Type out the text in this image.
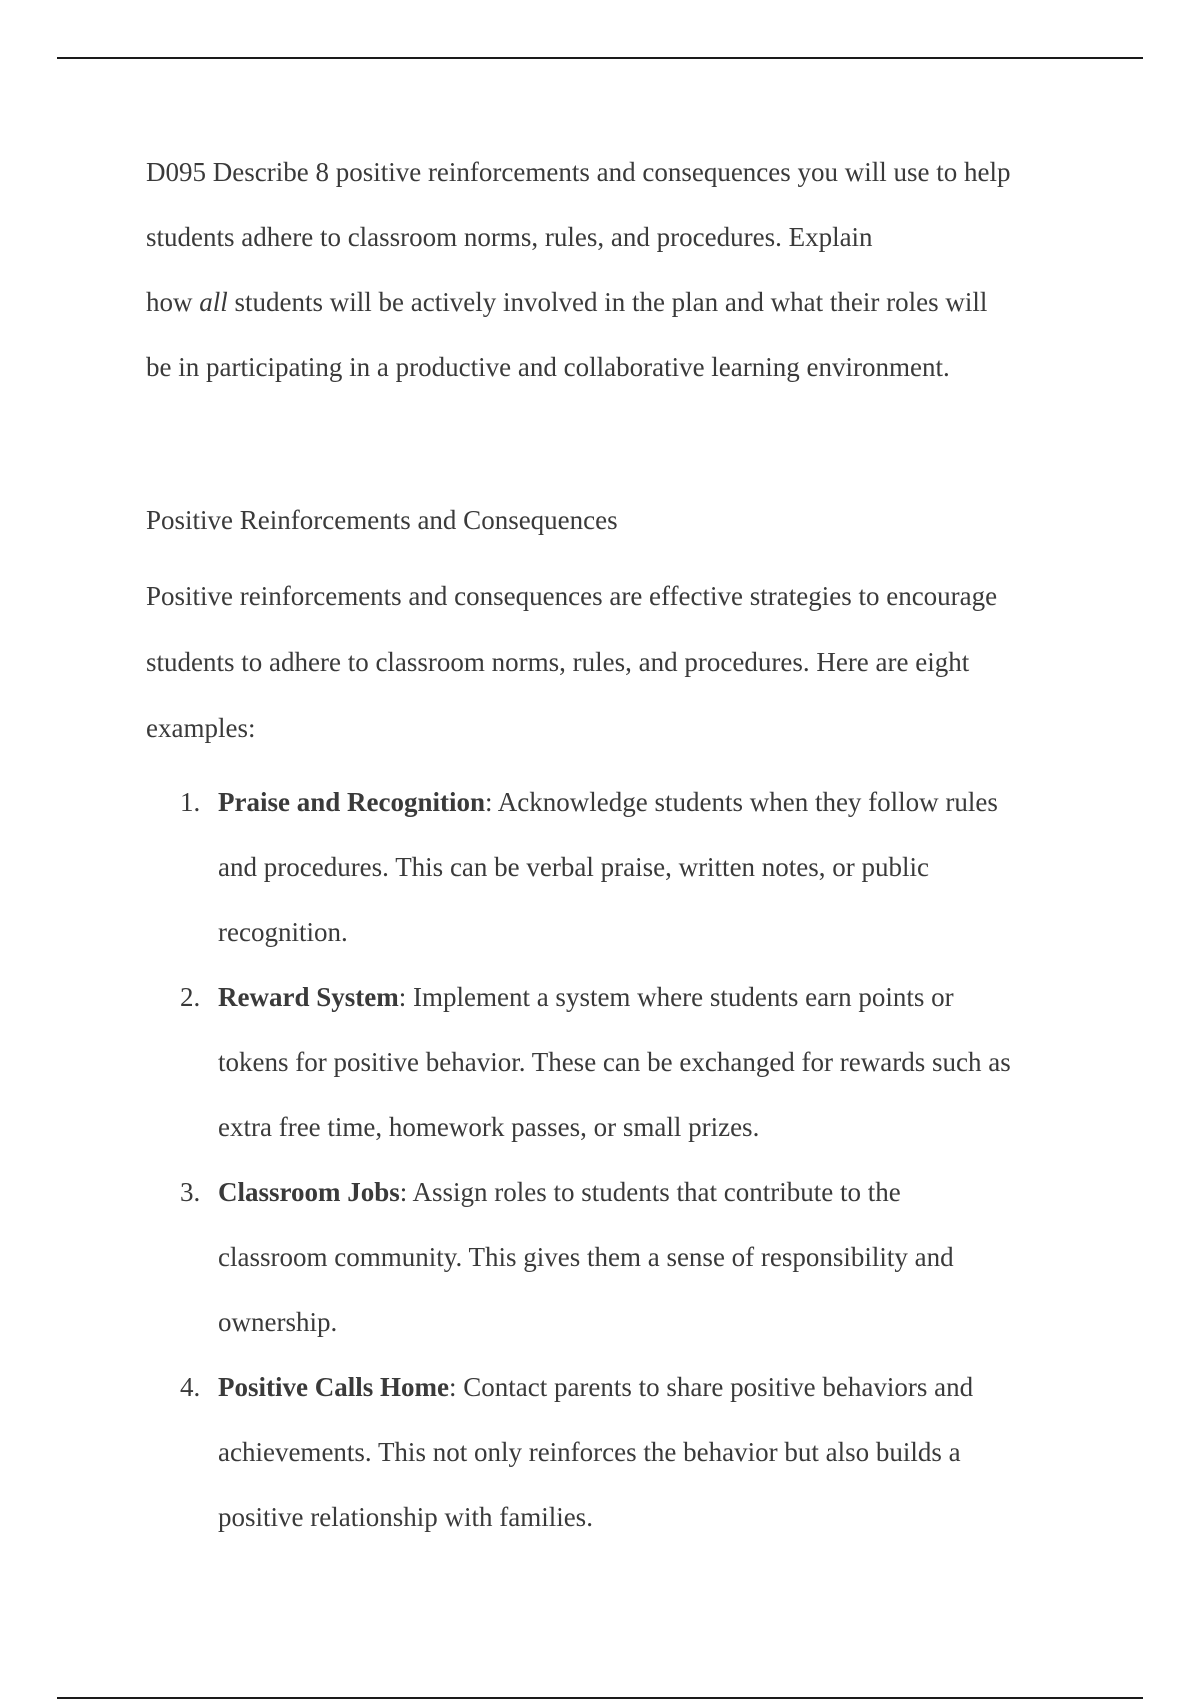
D095 Describe 8 positive reinforcements and consequences you will use to help
students adhere to classroom norms, rules, and procedures. Explain
how all students will be actively involved in the plan and what their roles will
be in participating in a productive and collaborative learning environment.

Positive Reinforcements and Consequences

Positive reinforcements and consequences are effective strategies to encourage
students to adhere to classroom norms, rules, and procedures. Here are eight
examples:

1. Praise and Recognition: Acknowledge students when they follow rules
and procedures. This can be verbal praise, written notes, or public
recognition.
2. Reward System: Implement a system where students earn points or
tokens for positive behavior. These can be exchanged for rewards such as
extra free time, homework passes, or small prizes.
3. Classroom Jobs: Assign roles to students that contribute to the
classroom community. This gives them a sense of responsibility and
ownership.
4. Positive Calls Home: Contact parents to share positive behaviors and
achievements. This not only reinforces the behavior but also builds a
positive relationship with families.
